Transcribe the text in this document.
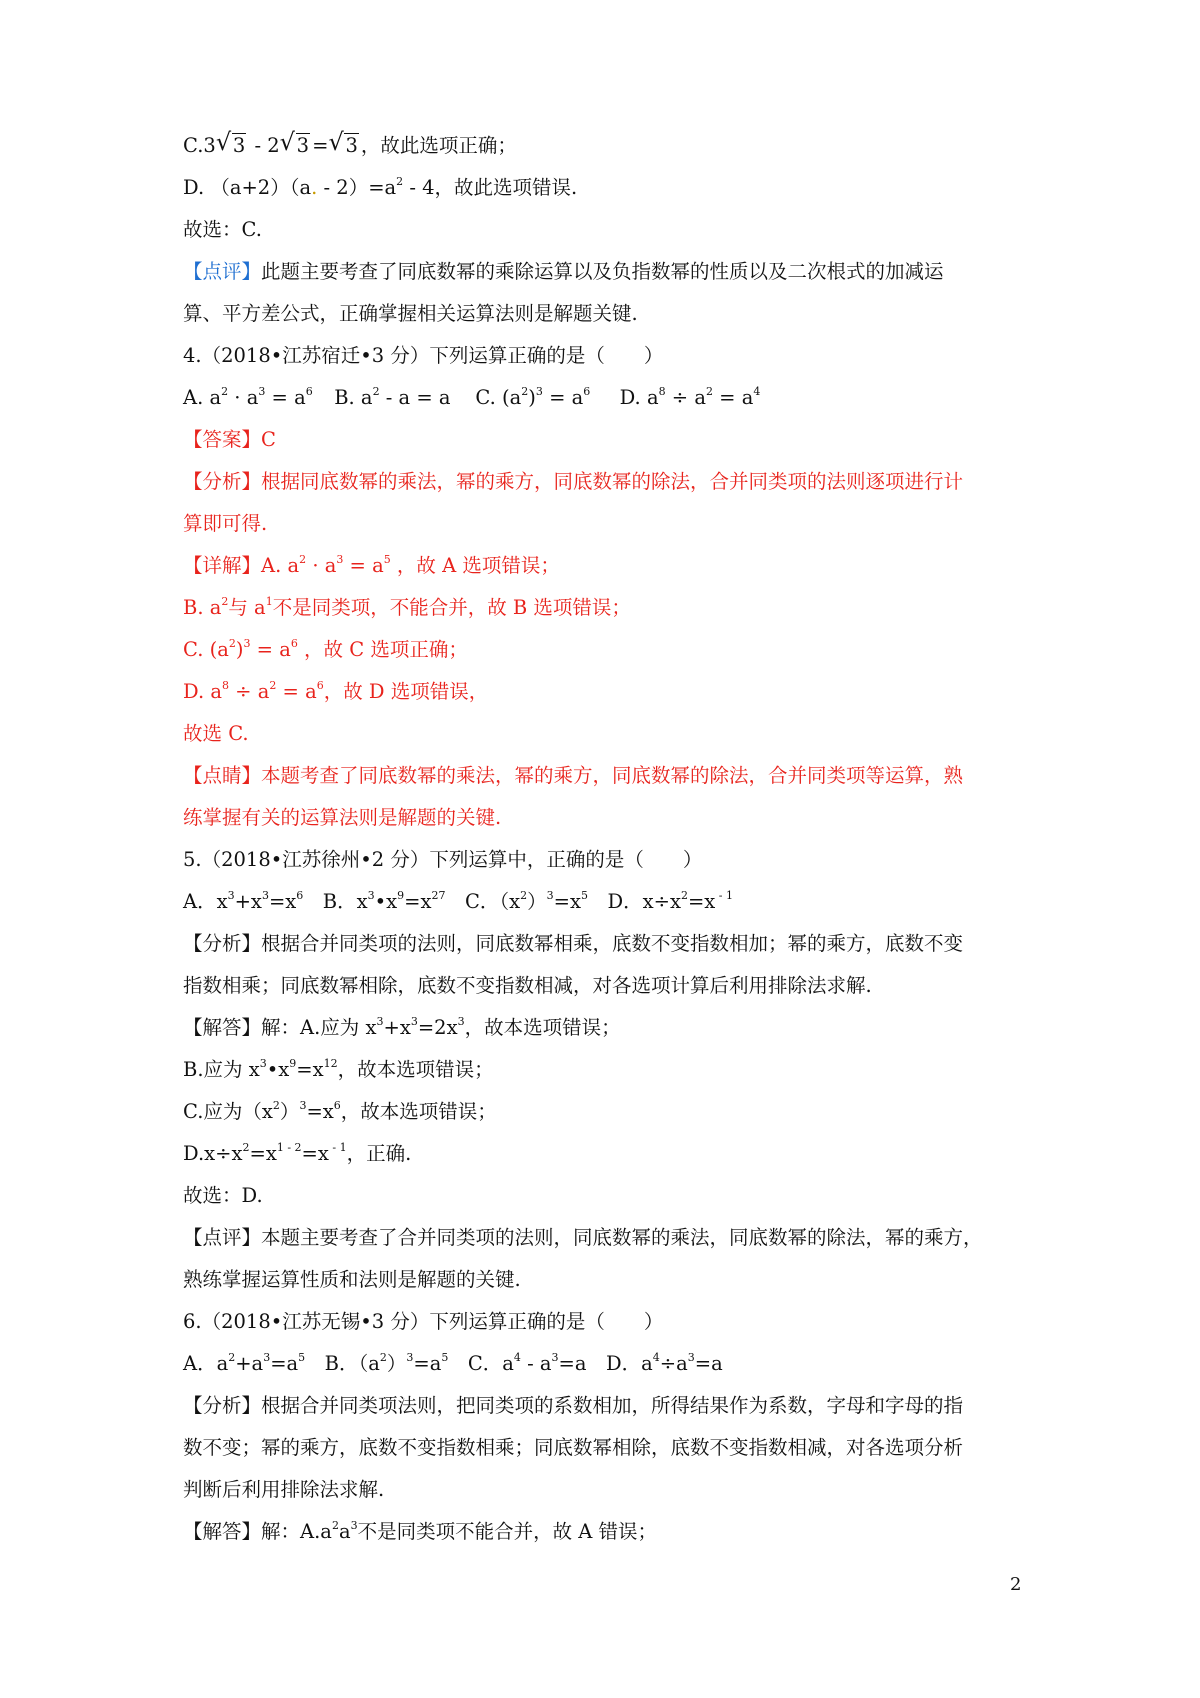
C.3 √ 3 - 2 √ 3 = √ 3 ，故此选项正确；
D. （a+2）（a. - $2)=a^2 - 4$，故此选项错误.
故选：C.
【点评】此题主要考查了同底数幂的乘除运算以及负指数幂的性质以及二次根式的加减运
算、平方差公式，正确掌握相关运算法则是解题关键.
4.（2018•江苏宿迁•3 分）下列运算正确的是（　　）
A. $a^2 \cdot a^3 = a^6$ B. $a^2 - a = a$ C. $(a^2)^3 = a^6$ D. $a^8 \div a^2 = a^4$
【答案】C
【分析】根据同底数幂的乘法，幂的乘方，同底数幂的除法，合并同类项的法则逐项进行计
算即可得.
【详解】A. $a^2 \cdot a^3 = a^5$ ，故 A 选项错误；
B. $a^2$与 $a^1$不是同类项，不能合并，故 B 选项错误；
C. $(a^2)^3 = a^6$ ，故 C 选项正确；
D. $a^8 \div a^2 = a^6$，故 D 选项错误，
故选 C.
【点睛】本题考查了同底数幂的乘法，幂的乘方，同底数幂的除法，合并同类项等运算，熟
练掌握有关的运算法则是解题的关键.
5.（2018•江苏徐州•2 分）下列运算中，正确的是（　　）
A．$x^3+x^3=x^6$　B．$x^3•x^9=x^{27}$　C．$(x^2)^3=x^5$　D．$x\div x^2=x$ $^{- 1}$
【分析】根据合并同类项的法则，同底数幂相乘，底数不变指数相加；幂的乘方，底数不变
指数相乘；同底数幂相除，底数不变指数相减，对各选项计算后利用排除法求解.
【解答】解：A.应为 $x^3+x^3=2x^3$，故本选项错误；
B.应为 $x^3•x^9=x^{12}$，故本选项错误；
C.应为$(x^2)^3=x^6$，故本选项错误；
$D.x\div x^2=x^{1 - 2}=x$ $^{- 1}$，正确.
故选：D.
【点评】本题主要考查了合并同类项的法则，同底数幂的乘法，同底数幂的除法，幂的乘方，
熟练掌握运算性质和法则是解题的关键.
6.（2018•江苏无锡•3 分）下列运算正确的是（　　）
A．$a^2+a^3=a^5$　B．$(a^2)^3=a^5$　C．$a^4 - a^3=a$　D．$a^4\div a^3=a$
【分析】根据合并同类项法则，把同类项的系数相加，所得结果作为系数，字母和字母的指
数不变；幂的乘方，底数不变指数相乘；同底数幂相除，底数不变指数相减，对各选项分析
判断后利用排除法求解.
【解答】解：$A.a^2a^3$不是同类项不能合并，故 A 错误；
2
